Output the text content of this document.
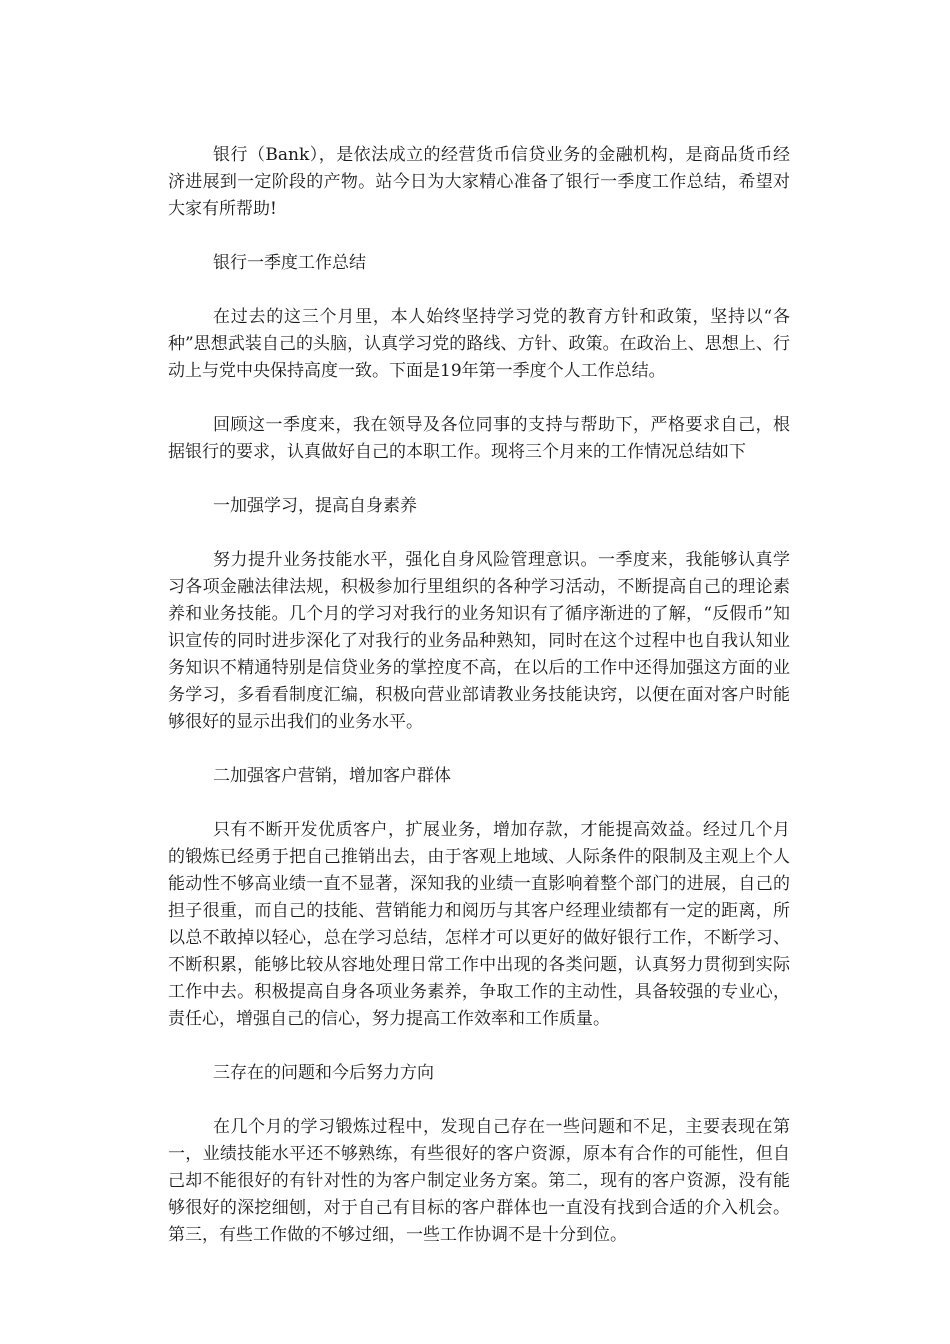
银行（Bank），是依法成立的经营货币信贷业务的金融机构，是商品货币经济进展到一定阶段的产物。站今日为大家精心准备了银行一季度工作总结，希望对大家有所帮助!

银行一季度工作总结

在过去的这三个月里，本人始终坚持学习党的教育方针和政策，坚持以“各种”思想武装自己的头脑，认真学习党的路线、方针、政策。在政治上、思想上、行动上与党中央保持高度一致。下面是19年第一季度个人工作总结。

回顾这一季度来，我在领导及各位同事的支持与帮助下，严格要求自己，根据银行的要求，认真做好自己的本职工作。现将三个月来的工作情况总结如下

一加强学习，提高自身素养

努力提升业务技能水平，强化自身风险管理意识。一季度来，我能够认真学习各项金融法律法规，积极参加行里组织的各种学习活动，不断提高自己的理论素养和业务技能。几个月的学习对我行的业务知识有了循序渐进的了解，“反假币”知识宣传的同时进步深化了对我行的业务品种熟知，同时在这个过程中也自我认知业务知识不精通特别是信贷业务的掌控度不高，在以后的工作中还得加强这方面的业务学习，多看看制度汇编，积极向营业部请教业务技能诀窍，以便在面对客户时能够很好的显示出我们的业务水平。

二加强客户营销，增加客户群体

只有不断开发优质客户，扩展业务，增加存款，才能提高效益。经过几个月的锻炼已经勇于把自己推销出去，由于客观上地域、人际条件的限制及主观上个人能动性不够高业绩一直不显著，深知我的业绩一直影响着整个部门的进展，自己的担子很重，而自己的技能、营销能力和阅历与其客户经理业绩都有一定的距离，所以总不敢掉以轻心，总在学习总结，怎样才可以更好的做好银行工作，不断学习、不断积累，能够比较从容地处理日常工作中出现的各类问题，认真努力贯彻到实际工作中去。积极提高自身各项业务素养，争取工作的主动性，具备较强的专业心，责任心，增强自己的信心，努力提高工作效率和工作质量。

三存在的问题和今后努力方向

在几个月的学习锻炼过程中，发现自己存在一些问题和不足，主要表现在第一，业绩技能水平还不够熟练，有些很好的客户资源，原本有合作的可能性，但自己却不能很好的有针对性的为客户制定业务方案。第二，现有的客户资源，没有能够很好的深挖细刨，对于自己有目标的客户群体也一直没有找到合适的介入机会。第三，有些工作做的不够过细，一些工作协调不是十分到位。
